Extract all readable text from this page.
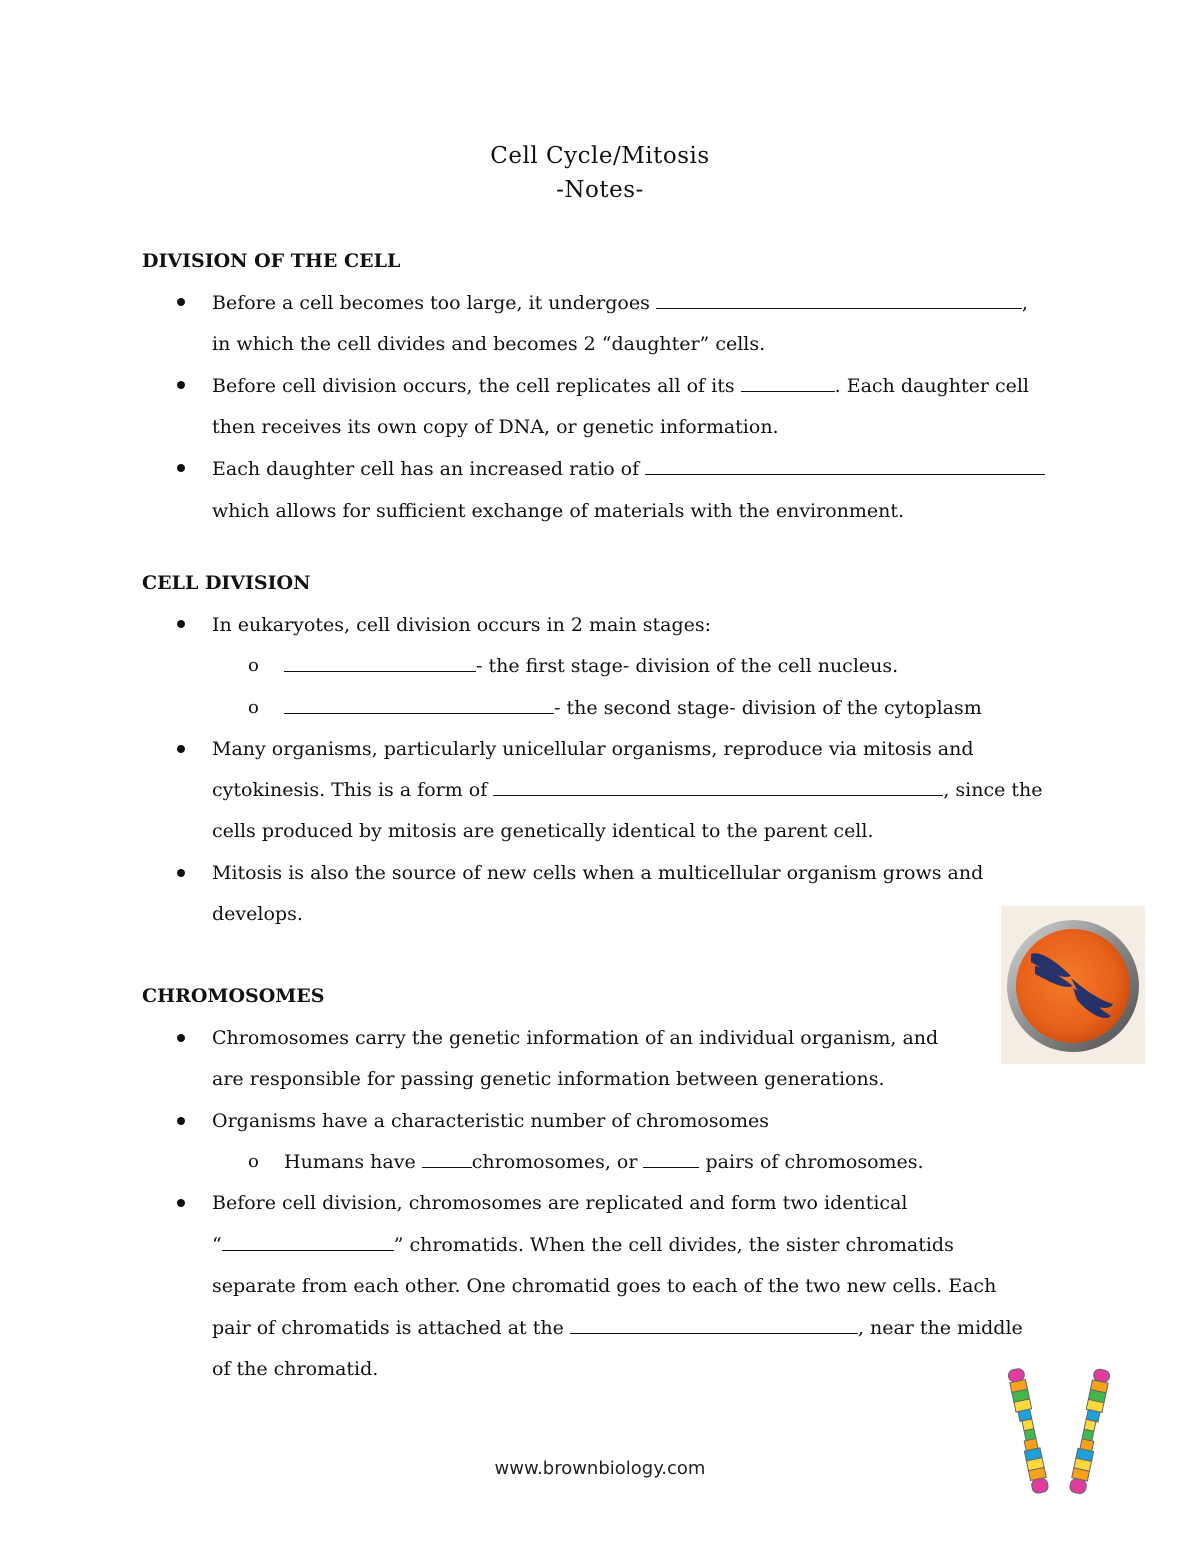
Cell Cycle/Mitosis
-Notes-
DIVISION OF THE CELL
Before a cell becomes too large, it undergoes	,
in which the cell divides and becomes 2 “daughter” cells.
Before cell division occurs, the cell replicates all of its	. Each daughter cell
then receives its own copy of DNA, or genetic information.
Each daughter cell has an increased ratio of
which allows for sufficient exchange of materials with the environment.
CELL DIVISION
In eukaryotes, cell division occurs in 2 main stages:
o	- the first stage- division of the cell nucleus.
o	- the second stage- division of the cytoplasm
Many organisms, particularly unicellular organisms, reproduce via mitosis and
cytokinesis. This is a form of	, since the
cells produced by mitosis are genetically identical to the parent cell.
Mitosis is also the source of new cells when a multicellular organism grows and
develops.
CHROMOSOMES
Chromosomes carry the genetic information of an individual organism, and
are responsible for passing genetic information between generations.
Organisms have a characteristic number of chromosomes
o Humans have	chromosomes, or	pairs of chromosomes.
Before cell division, chromosomes are replicated and form two identical
“	” chromatids. When the cell divides, the sister chromatids
separate from each other. One chromatid goes to each of the two new cells. Each
pair of chromatids is attached at the	, near the middle
of the chromatid.
www.brownbiology.com
